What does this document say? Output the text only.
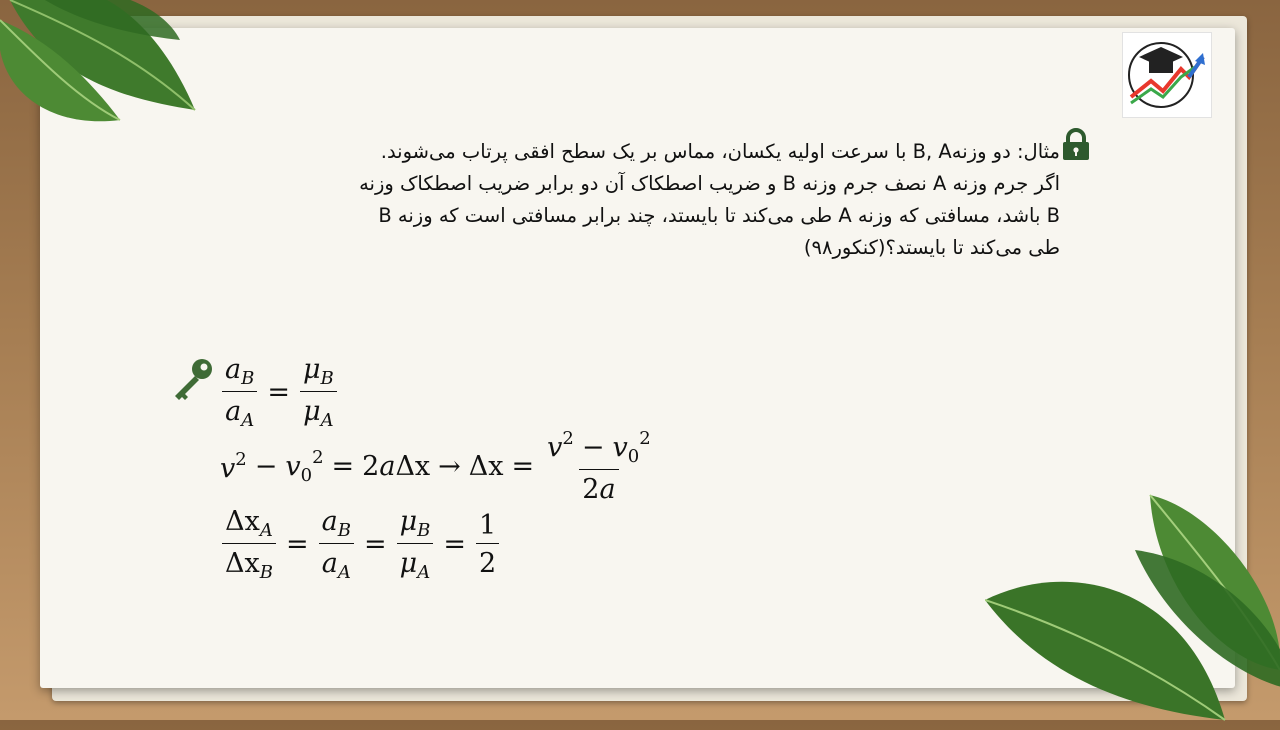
مثال: دو وزنهB, A با سرعت اولیه یکسان، مماس بر یک سطح افقی پرتاب می‌شوند.

اگر جرم وزنه A نصف جرم وزنه B و ضریب اصطکاک آن دو برابر ضریب اصطکاک وزنه

B باشد، مسافتی که وزنه A طی می‌کند تا بایستد، چند برابر مسافتی است که وزنه B

طی می‌کند تا بایستد؟(کنکور۹۸)

$\frac{a_B}{a_A} = \frac{\mu_B}{\mu_A}$
$v^2 - v_0^2 = 2a\Delta x \to \Delta x = \frac{v^2 - v_0^2}{2a}$
$\frac{\Delta x_A}{\Delta x_B} = \frac{a_B}{a_A} = \frac{\mu_B}{\mu_A} = \frac{1}{2}$
